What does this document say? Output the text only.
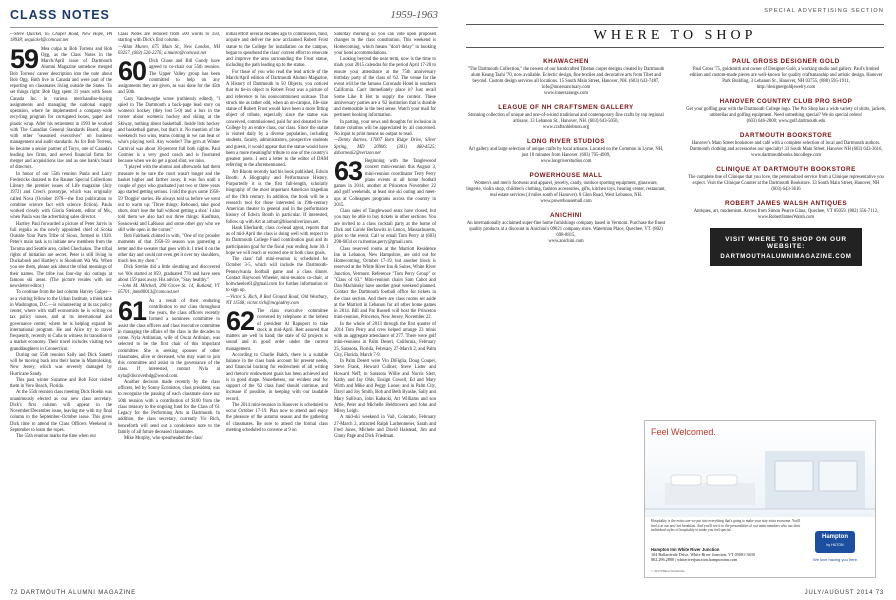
CLASS NOTES	1959-1963

—Steve Quickel, 65 Chapel Road, New Hope, PA 18938; sequickel@comcast.net

59 Mea culpa to Bob Torrens and Bob Ogg, as the Class Notes in the March/April issue of Dartmouth Alumni Magazine somehow merged Bob Torrens' career description into the note about Bob Ogg. Both live in Canada and were part of the reporting on classmates living outside the States. To set things right: Bob Ogg spent 31 years with Sears Canada Inc. in various merchandise-buying assignments and managing the national supply operation, where he implemented a company-wide recycling program for corrugated boxes, paper and plastic wrap. After his retirement in 1993 he worked with The Canadian General Standards Board, along with other "seasoned executives" on business management and audit standards. As for Bob Torrens, he became a senior partner of Torys, one of Canada's leading law firms, and served financial firms for merger and acquisitions law and as one bank's board of directors.

In honor of our 55th reunion Paula and Larry Fredericks donated to the Rauner Special Collections Library the premier issues of Life magazine (July 1972) and Crest's prototype, which was originally called Nova (October 1978—the first publication to combine science fact with science fiction). Paula worked closely with Gloria Steinem, editor of Ms., when Paula was the advertising sales director.

Hartley Paul forwarded a picture of Peter Jarvis in full regalia as the newly appointed chief of Scoka Outside Your Parts Tribe of Sioux, formed in 1920. Peter's main task is to initiate new members from the Tacoma and Seattle area, called Chechakos. The tribal rights of initiation are secret. Peter is still living in Duckabush and Hartley's is Skookum Wa Wa. When you see them, please ask about the tribal meanings of their names. The tribe has four-day ski outings at famous ski areas. (The picture resides with our newsletter editor.)

To continue from the last column Harvey Galper—as a visiting fellow to the Urban Institute, a think tank in Washington, D.C.—is volunteering at its tax policy center, where with staff economists he is writing on tax policy issues, and at its international and governance center, where he is helping expand its international program. He and Alice try to travel frequently, recently to Cuba to witness its transition to a market economy. Their travel includes visiting two granddaughters in Connecticut.

During our 55th reunion Sally and Dick Sanetti will be moving back into their home in Mantoloking, New Jersey, which was severely damaged by Hurricane Sandy.

This past winter Suzanne and Bob Foot visited them in Vero Beach, Florida.

At the 55th reunion class meeting Dick Hoehn was unanimously elected as our new class secretary. Dick's first column will appear in the November/December issue, leaving me with my final column in the September–October issue. This gives Dick time to attend the Class Officers Weekend in September to learn the ropes.

The 55th reunion marks the time when our

Class Notes are reduced from 500 words to 350, starting with Dick's first column.

—Allan Munro, 675 Main St., New London, NH 03257, (603) 526-2276; a.munro@comcast.net

60 Dick Chase and Bill Gundy have agreed to co-chair our 55th reunion. The Upper Valley group has been committed to help on any assignments they are given, as was done for the 45th and 50th.

Gary Vandeweghe wrote (ruthlessly edited), "I spied in The Dartmouth a back-page lead story on women's hockey (they lost 5-0) and a box in the corner about women's hockey and skiing at the Skiway, nothing about basketball. Inside lists hockey and basketball games, but that's it. No mention of the weekend's two wins, teams coming in we can beat or who's playing well. Any wonder? The gym at Winter Carnival was about 30-percent full both nights. Paul Cormier is a very good coach and is frustrated because when we do get a good shot, we miss.

"I played with the alumni and afterwards had them measure to be sure the court wasn't longer and the basket higher and farther away. It was fun until a couple of guys who graduated just two or three years ago started getting serious. I told the guys some 1958-59 'Doggie' stories. He always told us before we went out to warm up: 'Three things: Rebound, take good shots, don't lose the ball without getting a shot.' I also told them we also had our three things: Kaufman, Sosnowski and LaRusso and some other guy who we still wide open in the corner."

Bob Fairbank chimed in with, "One of my prouder moments of that 1958-59 season was garnering a letter and the sweater that goes with it. I tried it on the other day and could not even get it over my shoulders, much less my chest."

Dick Strehle did a little sleuthing and discovered we '60s started at 859, graduated 770 and have seen about 159 pass away. His advice, "Stay healthy."

—John M. Mitchell, 200 Grove St. 14, Rutland, VT 05701; jmm00013@comcast.net

61 As a result of their enduring contribution to our class throughout the years, the class officers recently formed a nominees committee to assist the class officers and class executive committee in managing the affairs of the class in the decades to come. Nyla Ardinnian, wife of Oscar Ardinian, was selected to be the first chair of this important committee. She is seeking spouses of other classmates, alive or deceased, who may want to join this committee and assist in the governance of the class. If interested, contact Nyla at nyla@discoverhdg@wood.com.

Another decision made recently by the class officers, led by Sonny Econiston, class president, was to recognize the passing of each classmate since our 50th reunion with a contribution of $100 from the class treasury to the ongoing fund for the Class of '61 Legacy for the Performing Arts at Dartmouth. In addition, the class secretary, currently Vic Rich, henceforth will send out a condolence note to the family of all future deceased classmates.

Mike Murphy, who spearheaded the class'

initial effort several decades ago to commission, fund, acquire and deliver the now acclaimed Robert Frost statue to the College for installation on the campus, began to spearhead the class' current effort to renovate and improve the area surrounding the Frost statue, including the path leading up to the statue.

For those of you who read the lead article of the March/April edition of Dartmouth Alumni Magazine, A History of Dartmouth in 50 Objects, you noticed that its tie-in object to Robert Frost was a picture of and reference to his nooncommunest suitcase. That struck me as rather odd, when an on-campus, life-size statue of Robert Frost would have been a more fitting object of tribute, especially since the statue was conceived, commissioned, paid for and donated to the College by an entire class, our class. Since the statue is visited daily by a diverse population, including students, faculty, administrators, prospective students and guests, it would appear that the statue would have been a more meaningful tribute to one of the country's greatest poets. I sent a letter to the editor of DAM referring to the aforementioned.

Art Bloom recently had his book published, Edwin Booth: A Biography and Performance History. Purportedly it is the first full-length, scholarly biography of the most important American tragedian of the 19th century. In addition, the book will be a research tool for those interested in 19th-century American theater in general and in the performance history of Edwin Booth in particular. If interested, follow up with Art at artbart@bloomliverizon.net.

Hank Eberhardt, class co-head agent, reports that as of mid-April the class is doing well with respect to its Dartmouth College Fund contribution goal and its participation goal for the fiscal year ending June 30. I hope we will reach or exceed one or both class goals.

The class' fall mini-reunion is scheduled for October 3-5, which will include the Dartmouth-Pennsylvania football game and a class dinner. Contact Haywood Wheeler, mini-reunion co-chair, at holtwheeler61@gmail.com for further information or to sign up.

—Victor S. Rich, 8 Red Ground Road, Old Westbury, NY 11568; victor.rich@mcgladrey.com

62 The class executive committee convened by telephone at the behest of president Al Rapoport to take stock in mid-April. Rest assured that matters are well in hand; the state of 62 projects is sound and in good order under the current management.

According to Charlie Balch, there is a suitable balance in the class bank account for present needs, and financial backing for endowment of all writing and rhetoric endowment goals has been achieved and is in good shape. Nonetheless, our evident zeal for support of the '62 class fund should continue, and increase if possible, in keeping with our laudable record.

The 2014 mini-reunion in Hanover is scheduled to occur October 17-19. Plan now to attend and enjoy the pleasure of the autumn season and the gathering of classmates. Be sure to attend the formal class meeting scheduled to convene at 9 on

Saturday morning so you can vote upon proposed changes to the class constitution. This weekend is Homecoming, which means "don't delay" in booking your hotel accommodations.

Looking beyond the near term, now is the time to mark your 2015 calendar for the period April 17-20 to ensure your attendance at the 75th anniversary birthday party of the class of '62. The venue for the event will be the famous Coronado Hotel in southern California. Can't immediately place it? Just recall Some Like It Hot to supply the context. These anniversary parties are a '62 institution that is durable and memorable in the best sense. Watch your mail for pertinent booking information.

In parting, your news and thoughts for inclusion in future columns will be appreciated by all concerned. No input to print means no output to read.

—Denny Barnes, 17007 Barn Ridge Drive, Silver Spring, MD 20906; (301) 460-4525; dsbarnes62@verizon.net

63 Beginning with the Tanglewood concert mini-reunion this August 3, mini-reunion coordinator Terry Perry plans events at all home football games in 2014, another at Princeton November 22 and golf weekends, at least one ski outing and meet-ups at Colleagues programs across the country in 2015.

Class sales of Tanglewood seats have closed, but you may be able to buy tickets in other sections. You are invited to a class cocktail party at the home of Dick and Carole Berkowitz in Lenox, Massachusetts, prior to the event. Call or email Tom Perry at (603) 298-6034 or ra.thomas.perry@gmail.com.

Class reserved rooms at the Marriott Residence Inn in Lebanon, New Hampshire, are sold out for Homecoming, October 17-19, but another block is reserved at the White River Inn & Suites, White River Junction, Vermont. Reference "Tom Perry Group" or "Class of 63." Mini-reunion chairs Sam Cabot and Dan Machinsky have another great weekend planned. Contact the Dartmouth football office for tickets in the class section. And there are class rooms set aside at the Marriott in Lebanon for all other home games in 2014. Bill and Pat Russell will host the Princeton mini-reunion, Princeton, New Jersey, November 22.

In the whole of 2013 through the first quarter of 2014 Tom Perry and crew helped arrange 23 minis with an aggregate attendance of 277. There were golf mini-reunions in Palm Desert, California, February 25, Sarasota, Florida, February 27-March 2, and Palm City, Florida, March 7-9.

In Palm Desert were Vin DiFiglia, Doug Couper, Steve Frank, Howard Cullner, Steve Lister and Howard Neff; in Sarasota Willie and Norris Siert, Kathy and Jay Ohls, Ensign Cowell, Ed and Mary Wirth and Mike and Peggy Loose; and in Palm City, Daryl and Joy Smith, Bob and Beth Byashe, Sally and Mary Sullivan, John Kabacki, Art Williams and son Artie, Peter and Michelle Heldtrovern and John and Missy Leigh.

A mid-ski weekend in Vail, Colorado, February 27-March 2, attracted Ralph Lachenmeier, Sarah and Fred Jones, Michele and David Halstead, Jim and Ginny Page and Dick Friedman.

72 DARTMOUTH ALUMNI MAGAZINE
SPECIAL ADVERTISING SECTION
WHERE TO SHOP
KHAWACHEN
"The Dartmouth Collection," the newest of our handcrafted Tibetan carpet designs created by Dartmouth alum Keang Tashi '70, now available. Eclectic design, fine textiles and decorative arts from Tibet and beyond. Custom design services all locations. 15 South Main Street, Hanover, NH. (603) 643-7487,
info@innersanctuary.com
www.innersarangs.com
LEAGUE OF NH CRAFTSMEN GALLERY
Stunning collection of unique and one-of-a-kind traditional and contemporary fine crafts by top regional artisans. 13 Lebanon St., Hanover, NH. (603) 643-5050,
www.craftsnhlebnon.org
LONG RIVER STUDIOS
Art gallery and large selection of unique crafts by local artisans. Located on the Common in Lyme, NH, just 10 minutes from Hanover. (603) 795-4909,
www.longriverstudios.com
POWERHOUSE MALL
Women's and men's footwear and apparel, jewelry, candy, outdoor sporting equipment, glassware, lingerie, violin shop, children's clothing, fashion accessories, gifts, kitchen toys, hearing center, restaurant, real estate services (4 miles south of Hanover). 8 Glen Road, West Lebanon, NH.
www.powerhousemall.com
ANICHINI
An internationally acclaimed super-fine home furnishings company based in Vermont. Purchase the finest quality products at a discount in Anichini's 09021 company store. Waterman Place, Quechee, VT. (802) 698-8815,
www.anichini.com
PAUL GROSS DESIGNER GOLD
Paul Gross '75, goldsmith and owner of Designer Gold, a working studio and gallery. Paul's limited edition and custom-made pieces are well-known for quality craftsmanship and artistic design. Hanover Park Building, 3 Lebanon St., Hanover, NH 03755, (888) 595-1911,
http://designergoldjewelry.com
HANOVER COUNTRY CLUB PRO SHOP
Get your golfing gear with the Dartmouth College logo. The Pro Shop has a wide variety of shirts, jackets, umbrellas and golfing equipment. Need something special? We do special orders!
(603) 646-2000; www.golf.dartmouth.edu
DARTMOUTH BOOKSTORE
Hanover's Main Street bookstore and café with a complete selection of local and Dartmouth authors. Dartmouth clothing and accessories our specialty! 33 South Main Street, Hanover NH (603) 643-3616,
www.dartmouthbooks.bncollege.com
CLINIQUE AT DARTMOUTH BOOKSTORE
The complete line of Clinique that you love, the personalized service from a Clinique representative you expect. Visit the Clinique Counter at the Dartmouth Bookstore. 33 South Main Street, Hanover, NH
(603) 643-3616
ROBERT JAMES WALSH ANTIQUES
Antiques, art, modernism. Across from Simon Pearce Glass, Quechee, VT 05059. (802) 356-7112,
www.RobertJamesWalsh.com
VISIT WHERE TO SHOP ON OUR WEBSITE:
DARTMOUTHALUMNIMAGAZINE.COM
Feel Welcomed.
Hospitality is the extra care we put into everything that's going to make your stay extra awesome. You'll find it at our new hot breakfast. And you'll see it in the personalities of our team members who use their individual styles of hospitality to make you feel special.
Hampton Inn White River Junction
104 Ballardvale Drive, White River Junction, VT 05001-3630
802.296.2800 | whiteriverjunction.hamptoninn.com
© 2013 Hilton Worldwide
Hampton
by HILTON
We love having you here.
JULY/AUGUST 2014 73
